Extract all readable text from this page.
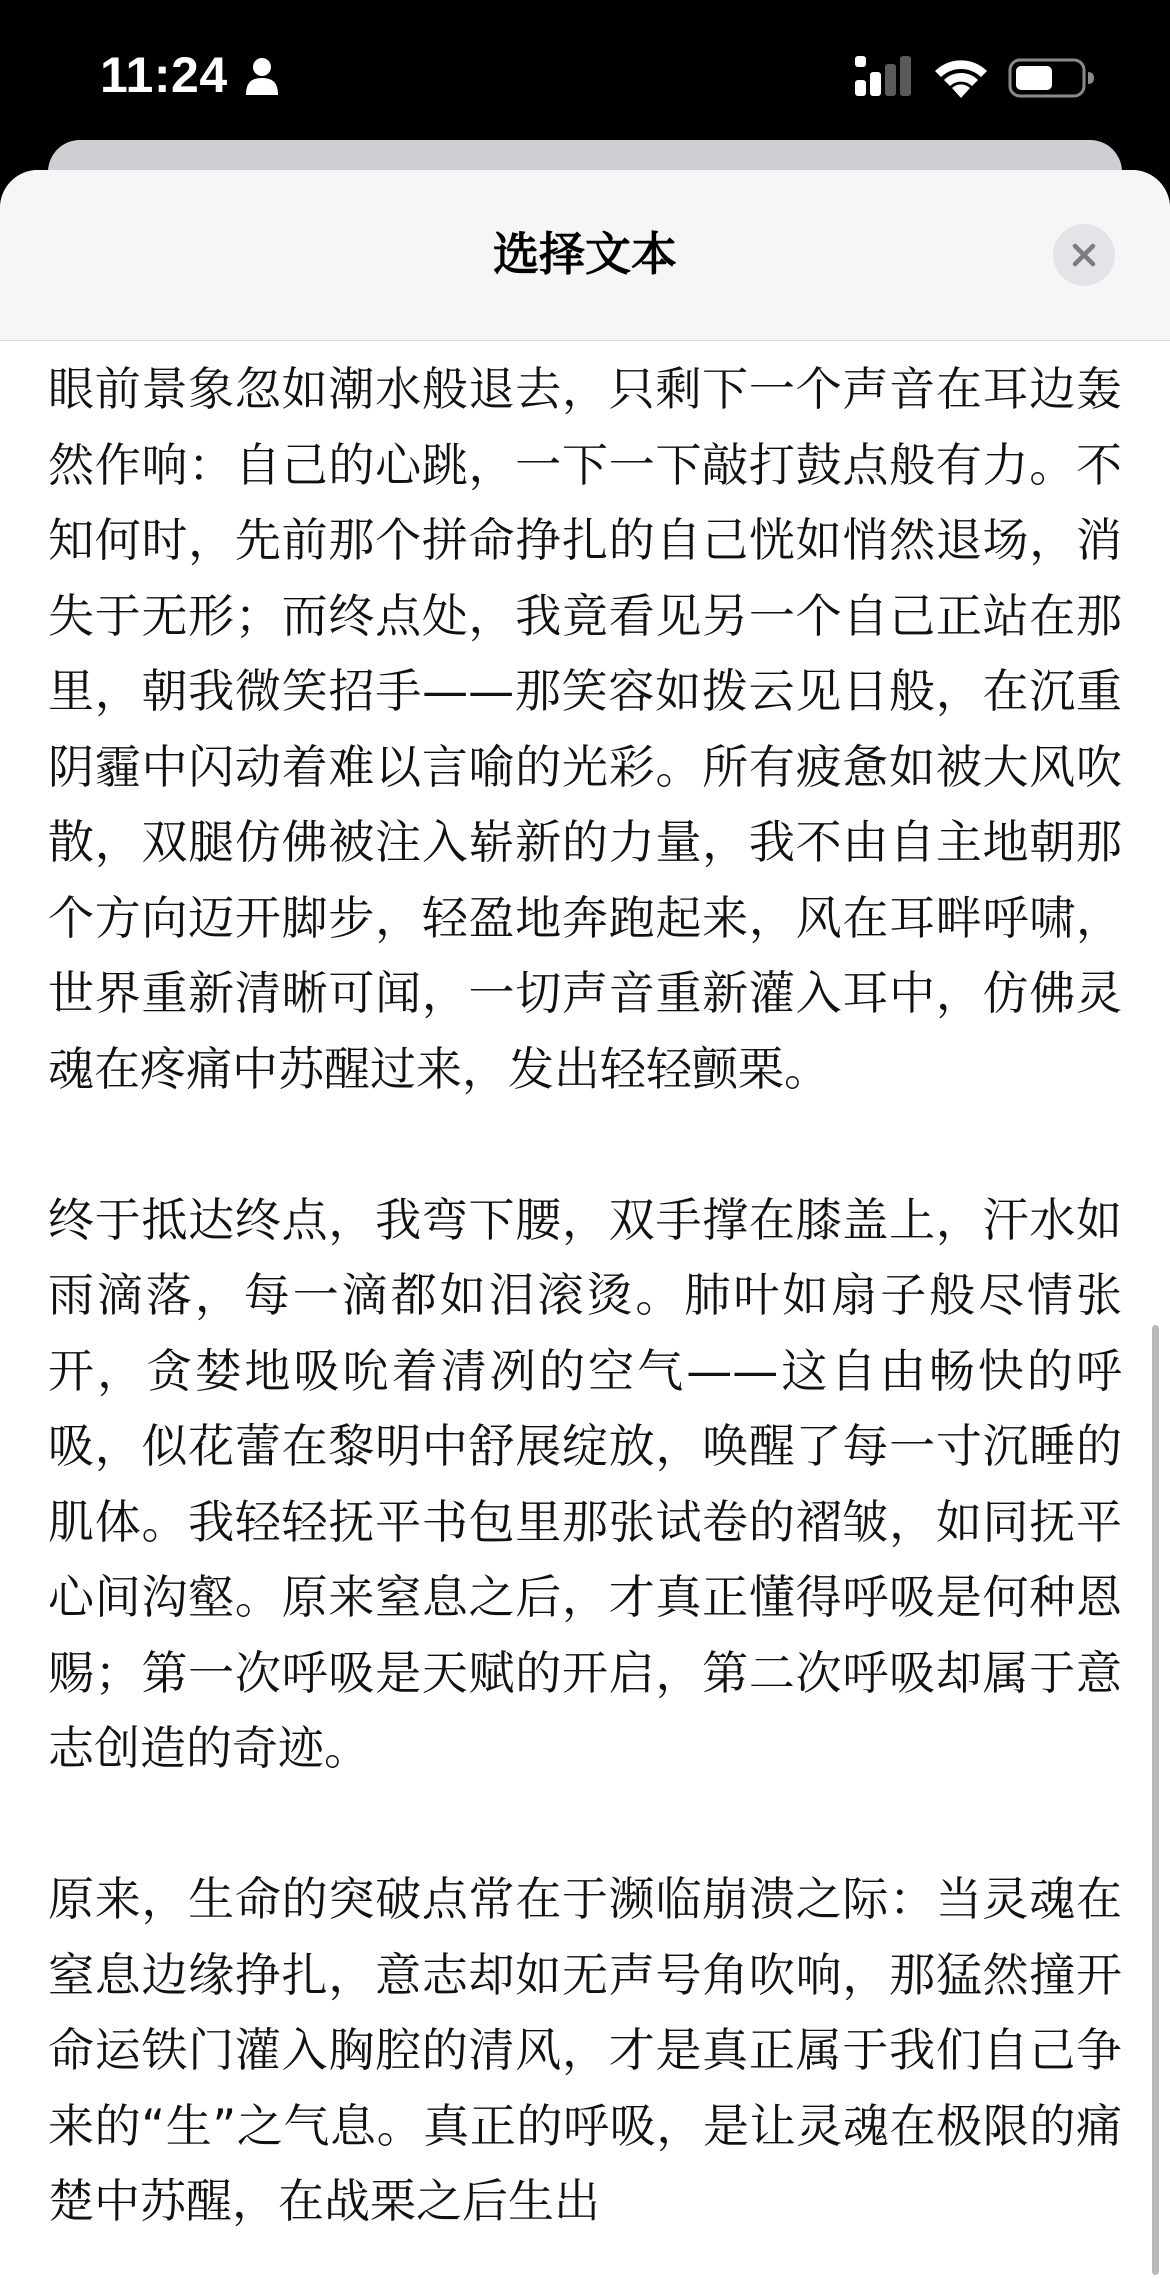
11:24
选择文本

眼前景象忽如潮水般退去，只剩下一个声音在耳边轰然作响：自己的心跳，一下一下敲打鼓点般有力。不知何时，先前那个拼命挣扎的自己恍如悄然退场，消失于无形；而终点处，我竟看见另一个自己正站在那里，朝我微笑招手——那笑容如拨云见日般，在沉重阴霾中闪动着难以言喻的光彩。所有疲惫如被大风吹散，双腿仿佛被注入崭新的力量，我不由自主地朝那个方向迈开脚步，轻盈地奔跑起来，风在耳畔呼啸，世界重新清晰可闻，一切声音重新灌入耳中，仿佛灵魂在疼痛中苏醒过来，发出轻轻颤栗。

终于抵达终点，我弯下腰，双手撑在膝盖上，汗水如雨滴落，每一滴都如泪滚烫。肺叶如扇子般尽情张开，贪婪地吸吮着清冽的空气——这自由畅快的呼吸，似花蕾在黎明中舒展绽放，唤醒了每一寸沉睡的肌体。我轻轻抚平书包里那张试卷的褶皱，如同抚平心间沟壑。原来窒息之后，才真正懂得呼吸是何种恩赐；第一次呼吸是天赋的开启，第二次呼吸却属于意志创造的奇迹。

原来，生命的突破点常在于濒临崩溃之际：当灵魂在窒息边缘挣扎，意志却如无声号角吹响，那猛然撞开命运铁门灌入胸腔的清风，才是真正属于我们自己争来的“生”之气息。真正的呼吸，是让灵魂在极限的痛楚中苏醒，在战栗之后生出
